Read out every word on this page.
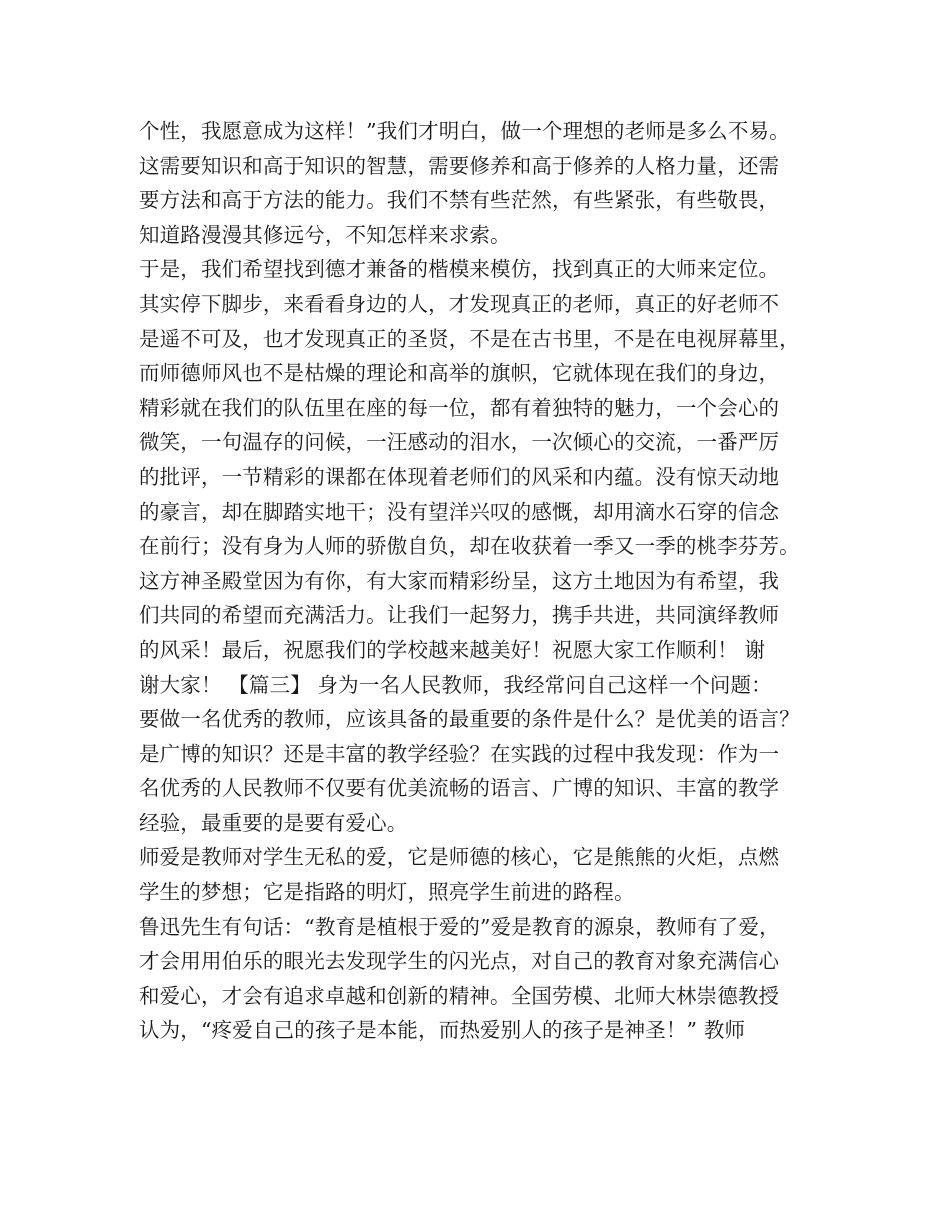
个性，我愿意成为这样！”我们才明白，做一个理想的老师是多么不易。
这需要知识和高于知识的智慧，需要修养和高于修养的人格力量，还需
要方法和高于方法的能力。我们不禁有些茫然，有些紧张，有些敬畏，
知道路漫漫其修远兮，不知怎样来求索。
于是，我们希望找到德才兼备的楷模来模仿，找到真正的大师来定位。
其实停下脚步，来看看身边的人，才发现真正的老师，真正的好老师不
是遥不可及，也才发现真正的圣贤，不是在古书里，不是在电视屏幕里，
而师德师风也不是枯燥的理论和高举的旗帜，它就体现在我们的身边，
精彩就在我们的队伍里在座的每一位，都有着独特的魅力，一个会心的
微笑，一句温存的问候，一汪感动的泪水，一次倾心的交流，一番严厉
的批评，一节精彩的课都在体现着老师们的风采和内蕴。没有惊天动地
的豪言，却在脚踏实地干；没有望洋兴叹的感慨，却用滴水石穿的信念
在前行；没有身为人师的骄傲自负，却在收获着一季又一季的桃李芬芳。
这方神圣殿堂因为有你，有大家而精彩纷呈，这方土地因为有希望，我
们共同的希望而充满活力。让我们一起努力，携手共进，共同演绎教师
的风采！最后，祝愿我们的学校越来越美好！祝愿大家工作顺利！ 谢
谢大家！ 【篇三】 身为一名人民教师，我经常问自己这样一个问题：
要做一名优秀的教师，应该具备的最重要的条件是什么？是优美的语言？
是广博的知识？还是丰富的教学经验？在实践的过程中我发现：作为一
名优秀的人民教师不仅要有优美流畅的语言、广博的知识、丰富的教学
经验，最重要的是要有爱心。
师爱是教师对学生无私的爱，它是师德的核心，它是熊熊的火炬，点燃
学生的梦想；它是指路的明灯，照亮学生前进的路程。
鲁迅先生有句话：“教育是植根于爱的”爱是教育的源泉，教师有了爱，
才会用用伯乐的眼光去发现学生的闪光点，对自己的教育对象充满信心
和爱心，才会有追求卓越和创新的精神。全国劳模、北师大林崇德教授
认为，“疼爱自己的孩子是本能，而热爱别人的孩子是神圣！” 教师
